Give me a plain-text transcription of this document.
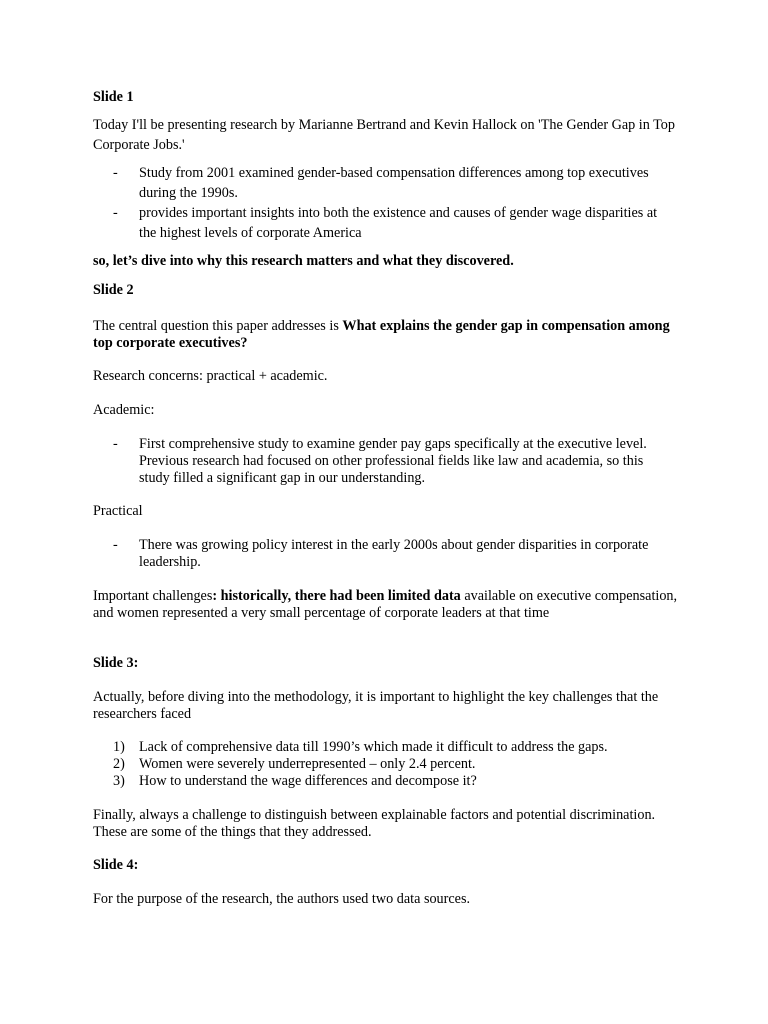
Slide 1

Today I'll be presenting research by Marianne Bertrand and Kevin Hallock on 'The Gender Gap in Top Corporate Jobs.'

- Study from 2001 examined gender-based compensation differences among top executives during the 1990s.
- provides important insights into both the existence and causes of gender wage disparities at the highest levels of corporate America

so, let’s dive into why this research matters and what they discovered.

Slide 2

The central question this paper addresses is What explains the gender gap in compensation among top corporate executives?

Research concerns: practical + academic.

Academic:

- First comprehensive study to examine gender pay gaps specifically at the executive level. Previous research had focused on other professional fields like law and academia, so this study filled a significant gap in our understanding.

Practical

- There was growing policy interest in the early 2000s about gender disparities in corporate leadership.

Important challenges: historically, there had been limited data available on executive compensation, and women represented a very small percentage of corporate leaders at that time

Slide 3:

Actually, before diving into the methodology, it is important to highlight the key challenges that the researchers faced

1) Lack of comprehensive data till 1990’s which made it difficult to address the gaps.
2) Women were severely underrepresented – only 2.4 percent.
3) How to understand the wage differences and decompose it?

Finally, always a challenge to distinguish between explainable factors and potential discrimination. These are some of the things that they addressed.

Slide 4:

For the purpose of the research, the authors used two data sources.
